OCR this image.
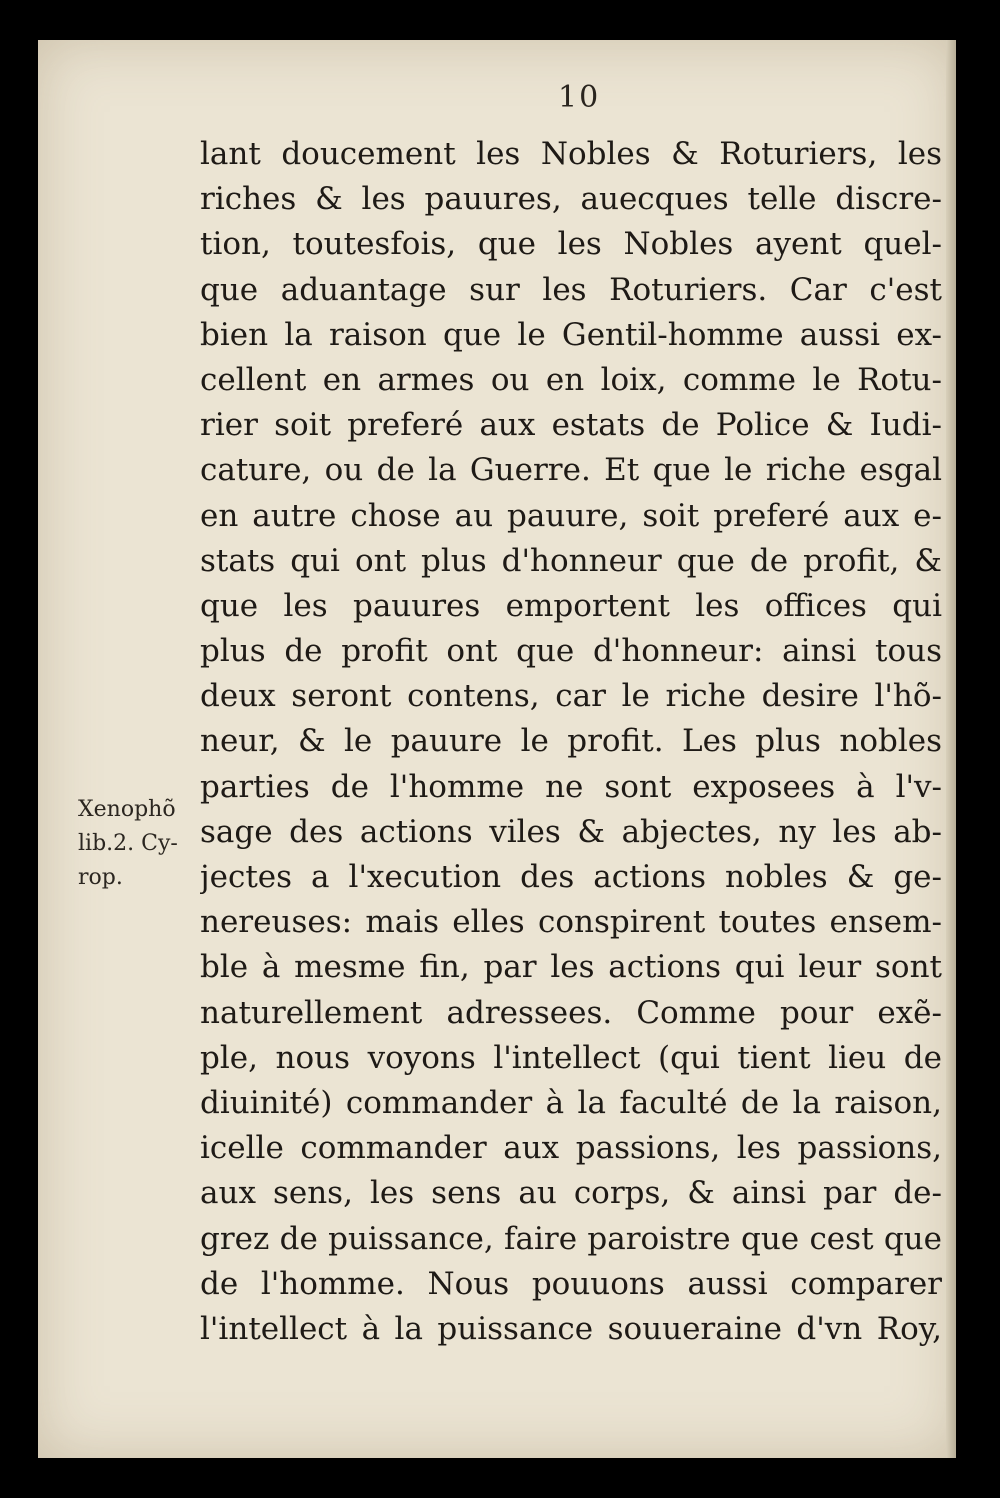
10
Xenophõ
lib.2. Cy-
rop.
lant doucement les Nobles & Roturiers, les
riches & les pauures, auecques telle discre-
tion, toutesfois, que les Nobles ayent quel-
que aduantage sur les Roturiers. Car c'est
bien la raison que le Gentil-homme aussi ex-
cellent en armes ou en loix, comme le Rotu-
rier soit preferé aux estats de Police & Iudi-
cature, ou de la Guerre. Et que le riche esgal
en autre chose au pauure, soit preferé aux e-
stats qui ont plus d'honneur que de profit, &
que les pauures emportent les offices qui
plus de profit ont que d'honneur: ainsi tous
deux seront contens, car le riche desire l'hõ-
neur, & le pauure le profit. Les plus nobles
parties de l'homme ne sont exposees à l'v-
sage des actions viles & abjectes, ny les ab-
jectes a l'xecution des actions nobles & ge-
nereuses: mais elles conspirent toutes ensem-
ble à mesme fin, par les actions qui leur sont
naturellement adressees. Comme pour exẽ-
ple, nous voyons l'intellect (qui tient lieu de
diuinité) commander à la faculté de la raison,
icelle commander aux passions, les passions,
aux sens, les sens au corps, & ainsi par de-
grez de puissance, faire paroistre que cest que
de l'homme. Nous pouuons aussi comparer
l'intellect à la puissance souueraine d'vn Roy,
